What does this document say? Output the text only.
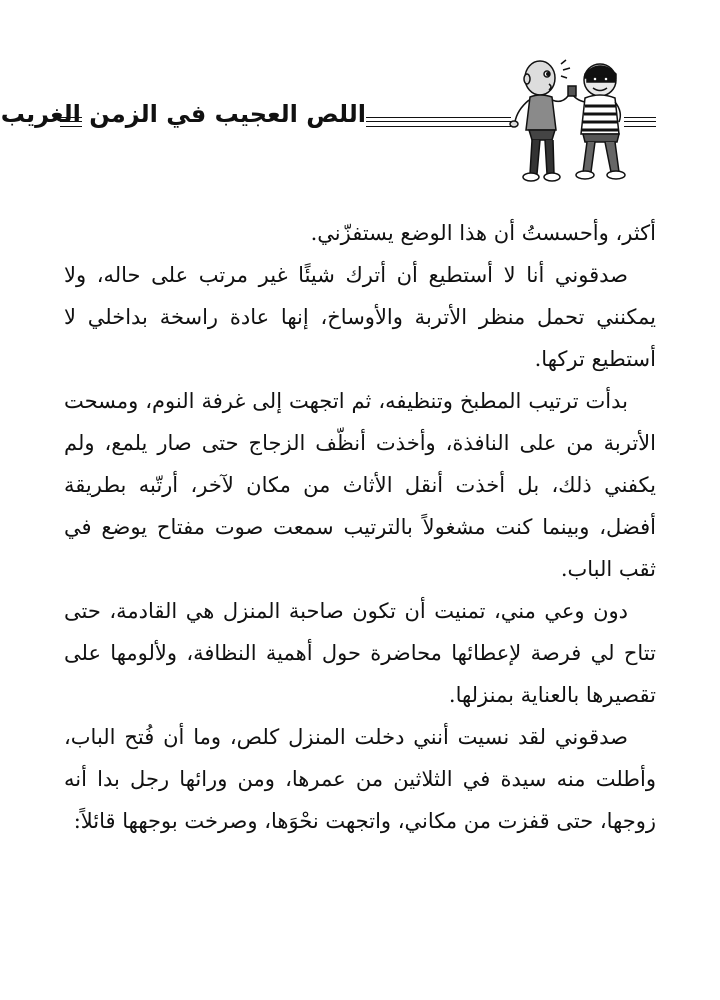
اللص العجيب في الزمن الغريب

أكثر، وأحسستُ أن هذا الوضع يستفزّني.

صدقوني أنا لا أستطيع أن أترك شيئًا غير مرتب على حاله، ولا يمكنني تحمل منظر الأتربة والأوساخ، إنها عادة راسخة بداخلي لا أستطيع تركها.

بدأت ترتيب المطبخ وتنظيفه، ثم اتجهت إلى غرفة النوم، ومسحت الأتربة من على النافذة، وأخذت أنظّف الزجاج حتى صار يلمع، ولم يكفني ذلك، بل أخذت أنقل الأثاث من مكان لآخر، أرتّبه بطريقة أفضل، وبينما كنت مشغولاً بالترتيب سمعت صوت مفتاح يوضع في ثقب الباب.

دون وعي مني، تمنيت أن تكون صاحبة المنزل هي القادمة، حتى تتاح لي فرصة لإعطائها محاضرة حول أهمية النظافة، ولألومها على تقصيرها بالعناية بمنزلها.

صدقوني لقد نسيت أنني دخلت المنزل كلص، وما أن فُتح الباب، وأطلت منه سيدة في الثلاثين من عمرها، ومن ورائها رجل بدا أنه زوجها، حتى قفزت من مكاني، واتجهت نحْوَها، وصرخت بوجهها قائلاً:
